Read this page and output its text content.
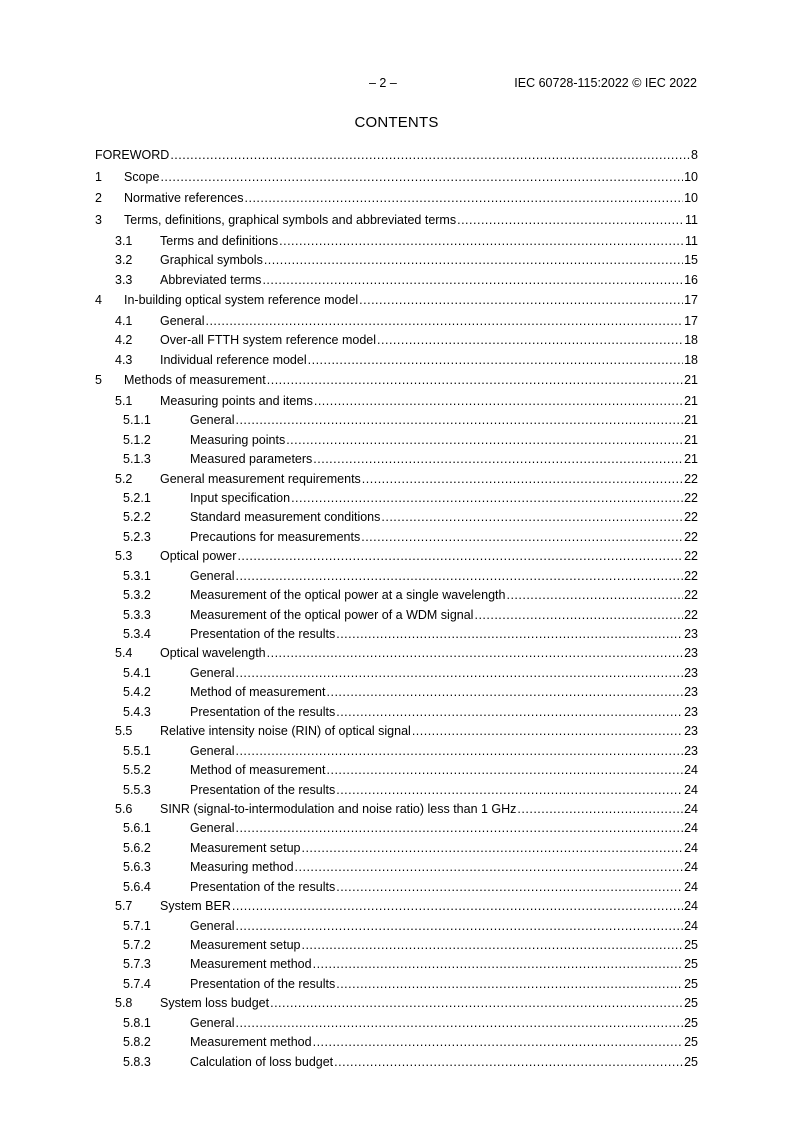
– 2 –	IEC 60728-115:2022 © IEC 2022
CONTENTS
FOREWORD .....	8
1	Scope .....	10
2	Normative references .....	10
3	Terms, definitions, graphical symbols and abbreviated terms .....	11
3.1	Terms and definitions .....	11
3.2	Graphical symbols .....	15
3.3	Abbreviated terms .....	16
4	In-building optical system reference model .....	17
4.1	General .....	17
4.2	Over-all FTTH system reference model .....	18
4.3	Individual reference model .....	18
5	Methods of measurement .....	21
5.1	Measuring points and items .....	21
5.1.1	General .....	21
5.1.2	Measuring points .....	21
5.1.3	Measured parameters .....	21
5.2	General measurement requirements .....	22
5.2.1	Input specification .....	22
5.2.2	Standard measurement conditions .....	22
5.2.3	Precautions for measurements .....	22
5.3	Optical power .....	22
5.3.1	General .....	22
5.3.2	Measurement of the optical power at a single wavelength .....	22
5.3.3	Measurement of the optical power of a WDM signal .....	22
5.3.4	Presentation of the results .....	23
5.4	Optical wavelength .....	23
5.4.1	General .....	23
5.4.2	Method of measurement .....	23
5.4.3	Presentation of the results .....	23
5.5	Relative intensity noise (RIN) of optical signal .....	23
5.5.1	General .....	23
5.5.2	Method of measurement .....	24
5.5.3	Presentation of the results .....	24
5.6	SINR (signal-to-intermodulation and noise ratio) less than 1 GHz .....	24
5.6.1	General .....	24
5.6.2	Measurement setup .....	24
5.6.3	Measuring method .....	24
5.6.4	Presentation of the results .....	24
5.7	System BER .....	24
5.7.1	General .....	24
5.7.2	Measurement setup .....	25
5.7.3	Measurement method .....	25
5.7.4	Presentation of the results .....	25
5.8	System loss budget .....	25
5.8.1	General .....	25
5.8.2	Measurement method .....	25
5.8.3	Calculation of loss budget .....	25
